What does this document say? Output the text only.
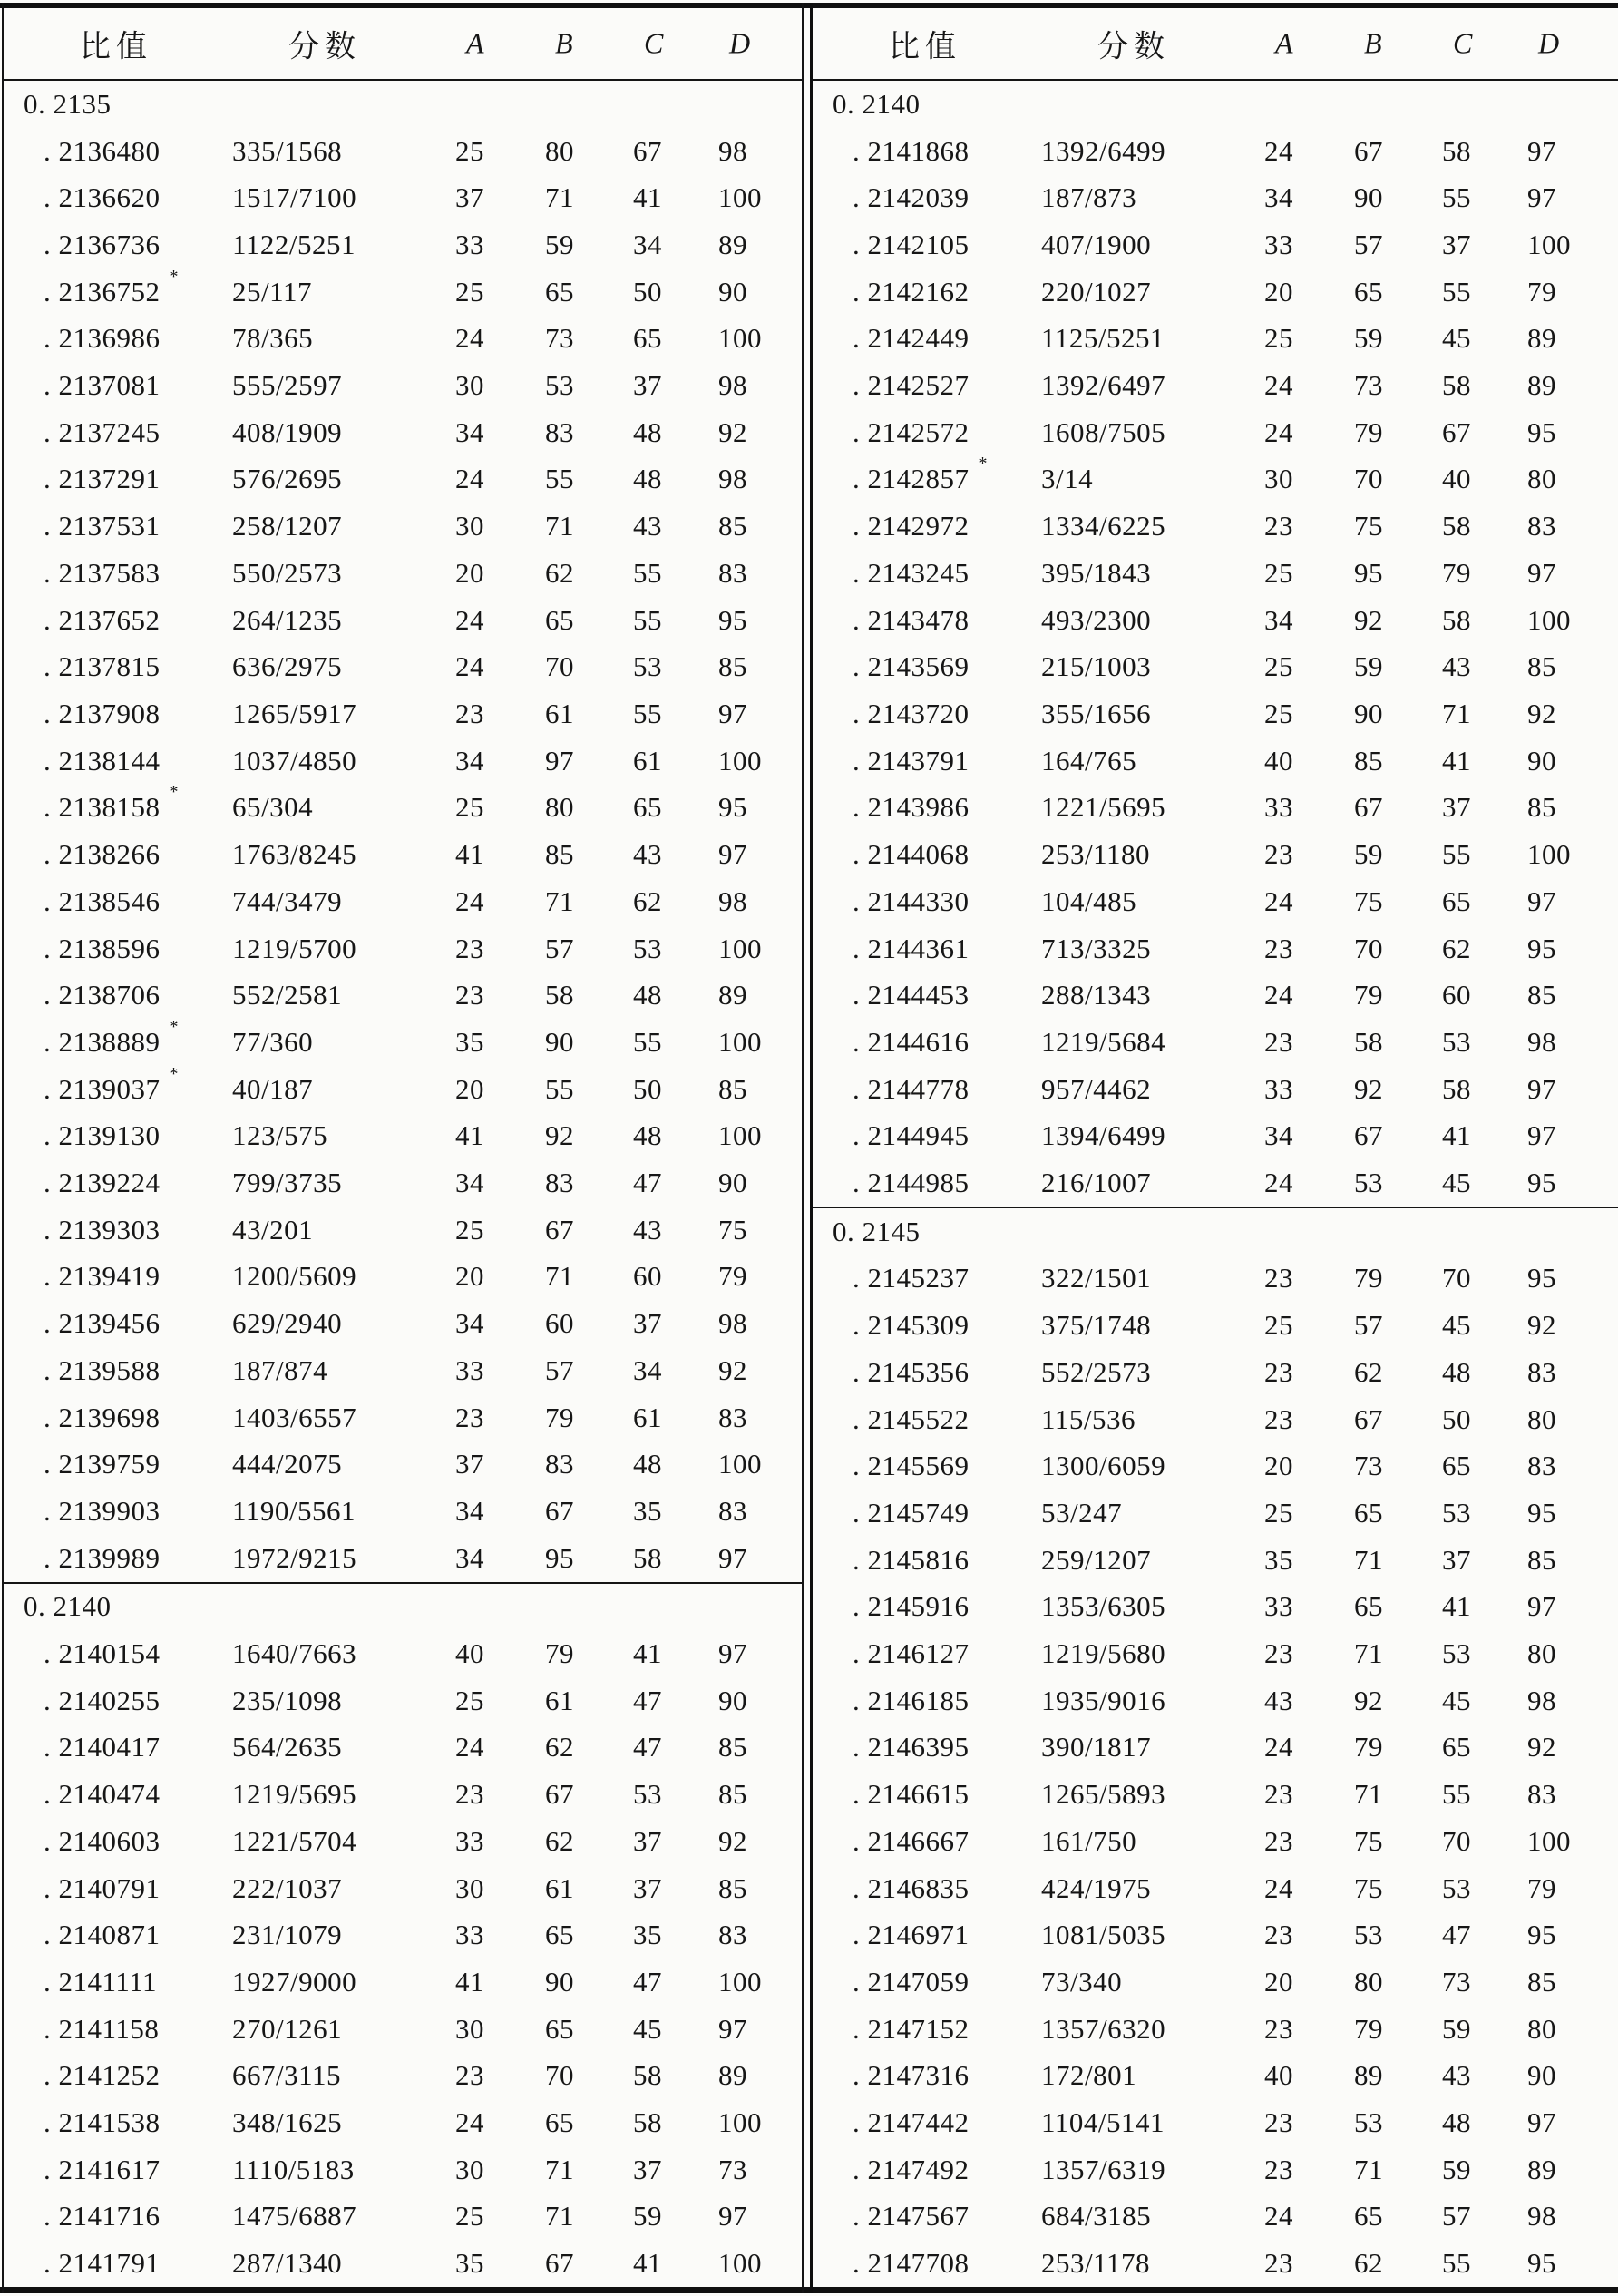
比值	分数	A B C D
0. 2135
. 2136480	335/1568	25 80 67 98
. 2136620	1517/7100	37 71 41 100
. 2136736	1122/5251	33 59 34 89
. 2136752 * 25/117	25 65 50 90
. 2136986	78/365	24 73 65 100
. 2137081	555/2597	30 53 37 98
. 2137245	408/1909	34 83 48 92
. 2137291	576/2695	24 55 48 98
. 2137531	258/1207	30 71 43 85
. 2137583	550/2573	20 62 55 83
. 2137652	264/1235	24 65 55 95
. 2137815	636/2975	24 70 53 85
. 2137908	1265/5917	23 61 55 97
. 2138144	1037/4850	34 97 61 100
. 2138158 * 65/304	25 80 65 95
. 2138266	1763/8245	41 85 43 97
. 2138546	744/3479	24 71 62 98
. 2138596	1219/5700	23 57 53 100
. 2138706	552/2581	23 58 48 89
. 2138889 * 77/360	35 90 55 100
. 2139037 * 40/187	20 55 50 85
. 2139130	123/575	41 92 48 100
. 2139224	799/3735	34 83 47 90
. 2139303	43/201	25 67 43 75
. 2139419	1200/5609	20 71 60 79
. 2139456	629/2940	34 60 37 98
. 2139588	187/874	33 57 34 92
. 2139698	1403/6557	23 79 61 83
. 2139759	444/2075	37 83 48 100
. 2139903	1190/5561	34 67 35 83
. 2139989	1972/9215	34 95 58 97
0. 2140
. 2140154	1640/7663	40 79 41 97
. 2140255	235/1098	25 61 47 90
. 2140417	564/2635	24 62 47 85
. 2140474	1219/5695	23 67 53 85
. 2140603	1221/5704	33 62 37 92
. 2140791	222/1037	30 61 37 85
. 2140871	231/1079	33 65 35 83
. 2141111	1927/9000	41 90 47 100
. 2141158	270/1261	30 65 45 97
. 2141252	667/3115	23 70 58 89
. 2141538	348/1625	24 65 58 100
. 2141617	1110/5183	30 71 37 73
. 2141716	1475/6887	25 71 59 97
. 2141791	287/1340	35 67 41 100
比值	分数	A B C D
0. 2140
. 2141868	1392/6499	24 67 58 97
. 2142039	187/873	34 90 55 97
. 2142105	407/1900	33 57 37 100
. 2142162	220/1027	20 65 55 79
. 2142449	1125/5251	25 59 45 89
. 2142527	1392/6497	24 73 58 89
. 2142572	1608/7505	24 79 67 95
. 2142857 * 3/14	30 70 40 80
. 2142972	1334/6225	23 75 58 83
. 2143245	395/1843	25 95 79 97
. 2143478	493/2300	34 92 58 100
. 2143569	215/1003	25 59 43 85
. 2143720	355/1656	25 90 71 92
. 2143791	164/765	40 85 41 90
. 2143986	1221/5695	33 67 37 85
. 2144068	253/1180	23 59 55 100
. 2144330	104/485	24 75 65 97
. 2144361	713/3325	23 70 62 95
. 2144453	288/1343	24 79 60 85
. 2144616	1219/5684	23 58 53 98
. 2144778	957/4462	33 92 58 97
. 2144945	1394/6499	34 67 41 97
. 2144985	216/1007	24 53 45 95
0. 2145
. 2145237	322/1501	23 79 70 95
. 2145309	375/1748	25 57 45 92
. 2145356	552/2573	23 62 48 83
. 2145522	115/536	23 67 50 80
. 2145569	1300/6059	20 73 65 83
. 2145749	53/247	25 65 53 95
. 2145816	259/1207	35 71 37 85
. 2145916	1353/6305	33 65 41 97
. 2146127	1219/5680	23 71 53 80
. 2146185	1935/9016	43 92 45 98
. 2146395	390/1817	24 79 65 92
. 2146615	1265/5893	23 71 55 83
. 2146667	161/750	23 75 70 100
. 2146835	424/1975	24 75 53 79
. 2146971	1081/5035	23 53 47 95
. 2147059	73/340	20 80 73 85
. 2147152	1357/6320	23 79 59 80
. 2147316	172/801	40 89 43 90
. 2147442	1104/5141	23 53 48 97
. 2147492	1357/6319	23 71 59 89
. 2147567	684/3185	24 65 57 98
. 2147708	253/1178	23 62 55 95
